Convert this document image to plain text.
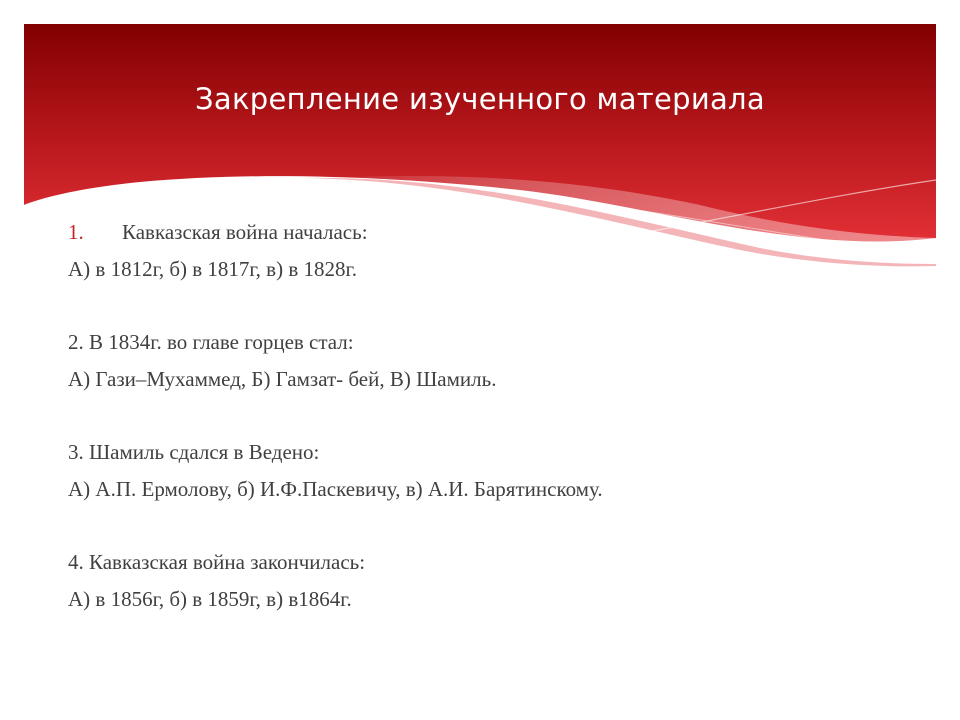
Закрепление изученного материала
1. Кавказская война началась:
А) в 1812г, б) в 1817г, в) в 1828г.
2. В 1834г. во главе горцев стал:
А) Гази–Мухаммед, Б) Гамзат- бей, В) Шамиль.
3. Шамиль сдался в Ведено:
А) А.П. Ермолову, б) И.Ф.Паскевичу, в) А.И. Барятинскому.
4. Кавказская война закончилась:
А) в 1856г, б) в 1859г, в) в1864г.
